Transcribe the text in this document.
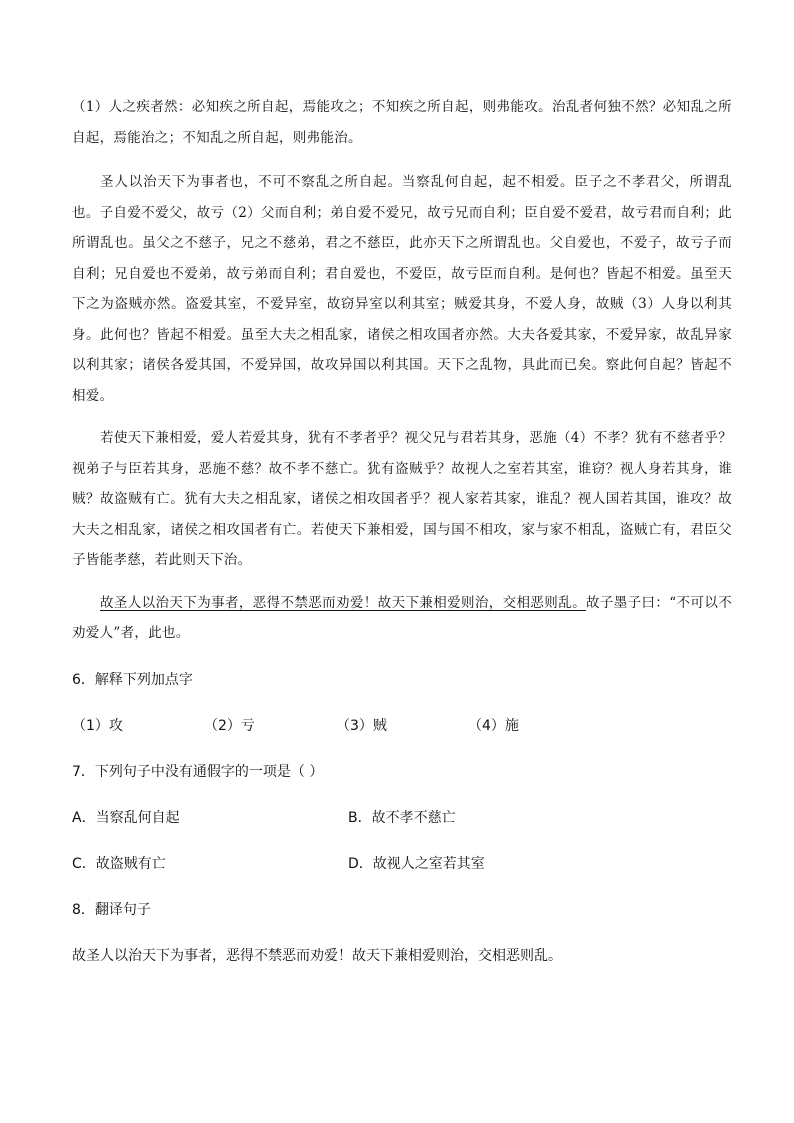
（1）人之疾者然：必知疾之所自起，焉能攻之；不知疾之所自起，则弗能攻。治乱者何独不然？必知乱之所自起，焉能治之；不知乱之所自起，则弗能治。

圣人以治天下为事者也，不可不察乱之所自起。当察乱何自起，起不相爱。臣子之不孝君父，所谓乱也。子自爱不爱父，故亏（2）父而自利；弟自爱不爱兄，故亏兄而自利；臣自爱不爱君，故亏君而自利；此所谓乱也。虽父之不慈子，兄之不慈弟，君之不慈臣，此亦天下之所谓乱也。父自爱也，不爱子，故亏子而自利；兄自爱也不爱弟，故亏弟而自利；君自爱也，不爱臣，故亏臣而自利。是何也？皆起不相爱。虽至天下之为盗贼亦然。盗爱其室，不爱异室，故窃异室以利其室；贼爱其身，不爱人身，故贼（3）人身以利其身。此何也？皆起不相爱。虽至大夫之相乱家，诸侯之相攻国者亦然。大夫各爱其家，不爱异家，故乱异家以利其家；诸侯各爱其国，不爱异国，故攻异国以利其国。天下之乱物，具此而已矣。察此何自起？皆起不相爱。

若使天下兼相爱，爱人若爱其身，犹有不孝者乎？视父兄与君若其身，恶施（4）不孝？犹有不慈者乎？视弟子与臣若其身，恶施不慈？故不孝不慈亡。犹有盗贼乎？故视人之室若其室，谁窃？视人身若其身，谁贼？故盗贼有亡。犹有大夫之相乱家，诸侯之相攻国者乎？视人家若其家，谁乱？视人国若其国，谁攻？故大夫之相乱家，诸侯之相攻国者有亡。若使天下兼相爱，国与国不相攻，家与家不相乱，盗贼亡有，君臣父子皆能孝慈，若此则天下治。

故圣人以治天下为事者，恶得不禁恶而劝爱！故天下兼相爱则治，交相恶则乱。故子墨子曰：“不可以不劝爱人”者，此也。

6．解释下列加点字
（1）攻	（2）亏	（3）贼	（4）施
7．下列句子中没有通假字的一项是（ ）
A．当察乱何自起	B．故不孝不慈亡
C．故盗贼有亡	D．故视人之室若其室
8．翻译句子
故圣人以治天下为事者，恶得不禁恶而劝爱！故天下兼相爱则治，交相恶则乱。
